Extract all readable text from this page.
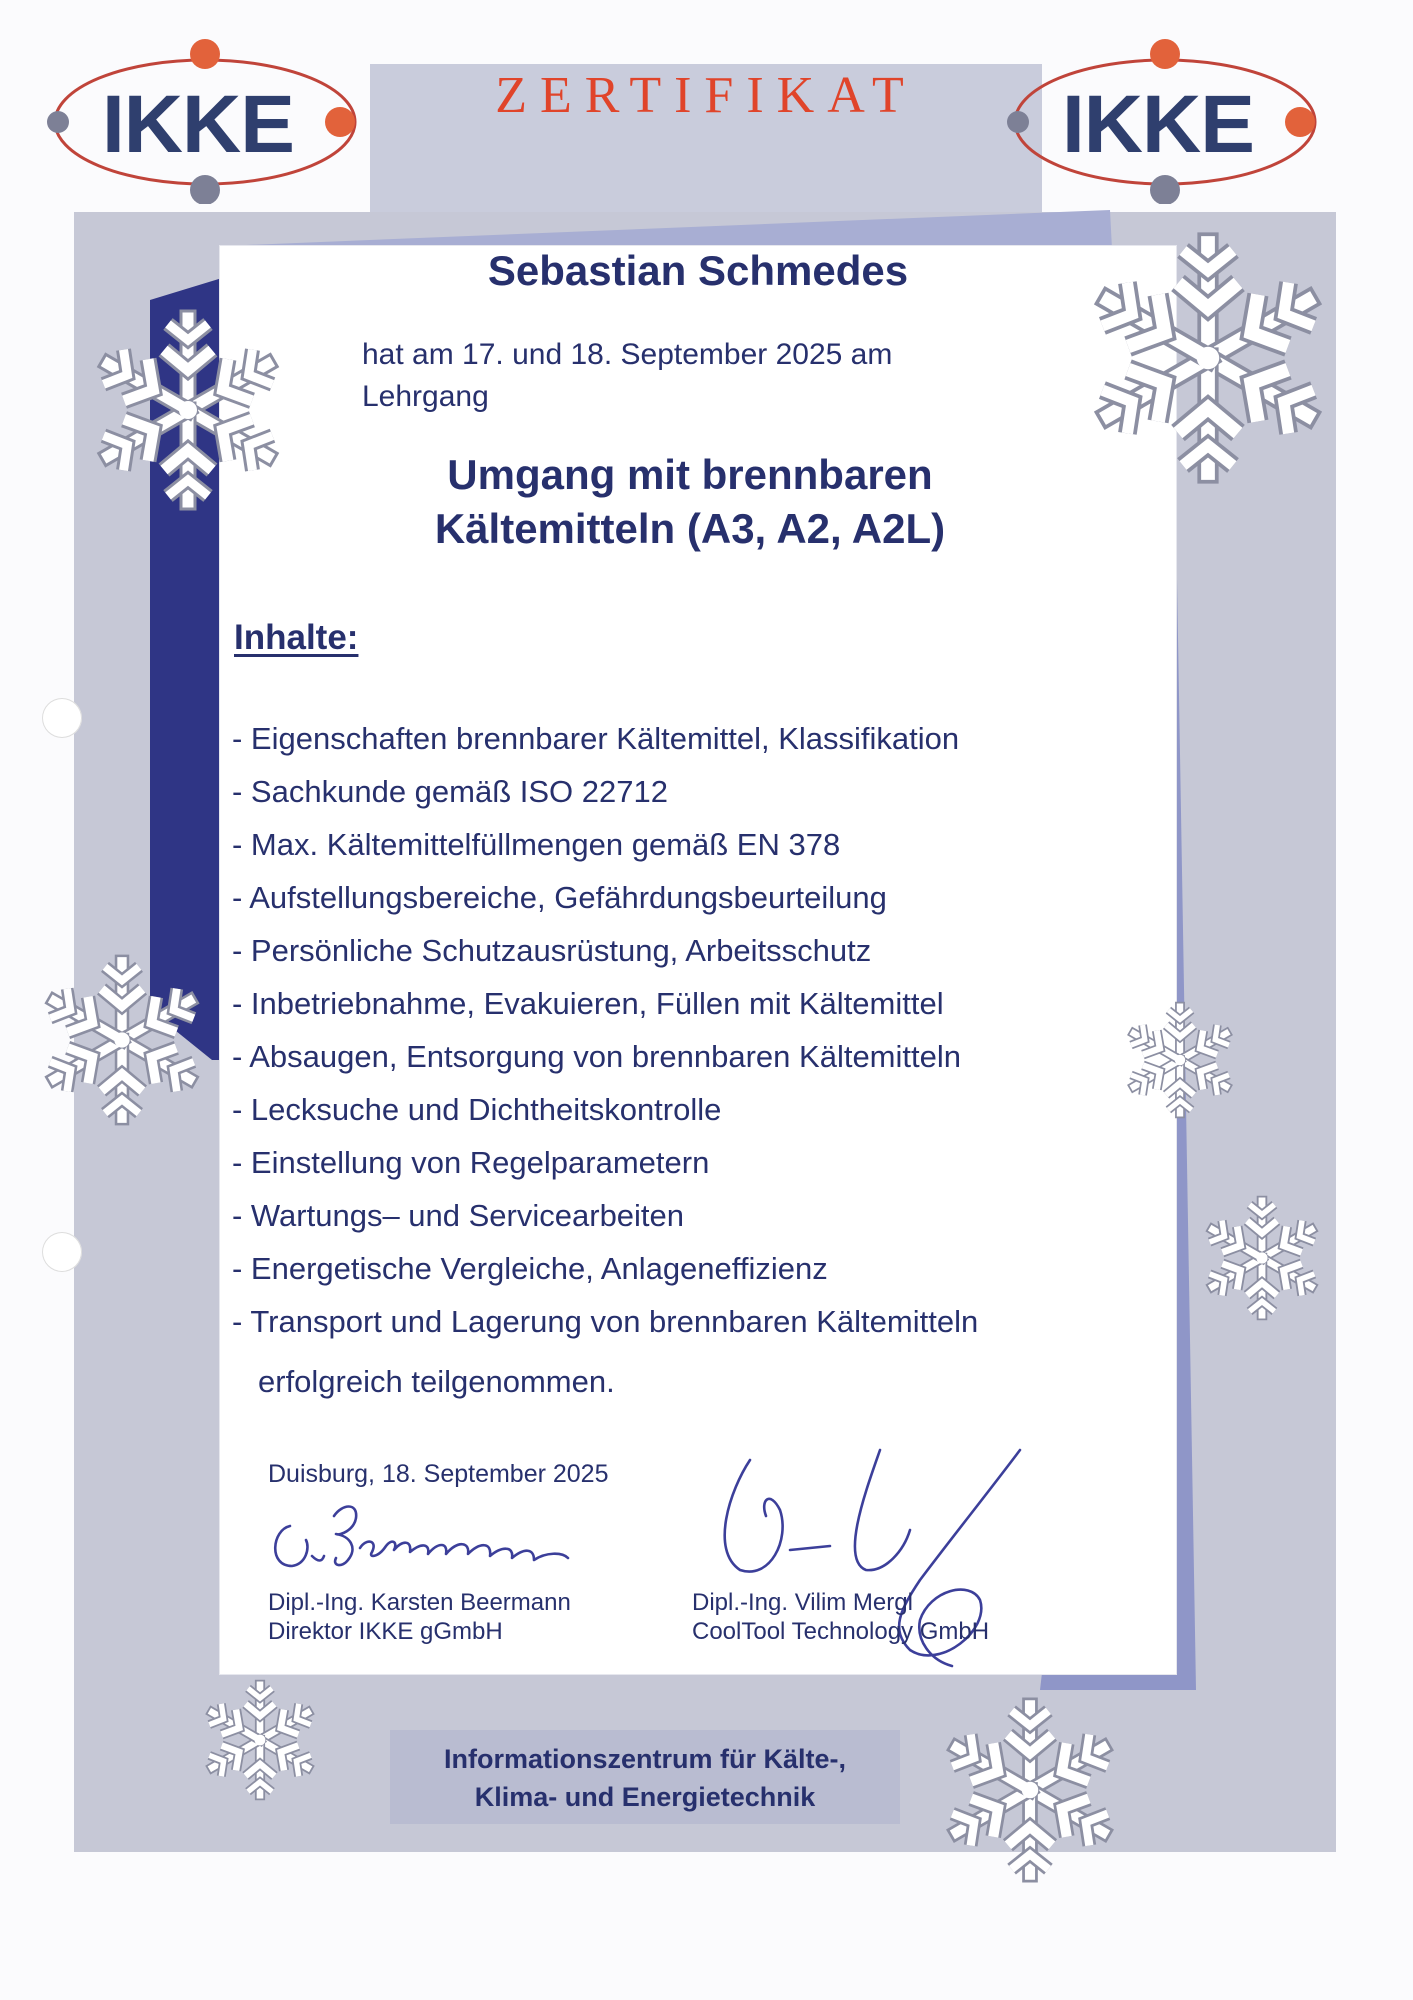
ZERTIFIKAT
IKKE	IKKE
Sebastian Schmedes
hat am 17. und 18. September 2025 am
Lehrgang
Umgang mit brennbaren
Kältemitteln (A3, A2, A2L)
Inhalte:
- Eigenschaften brennbarer Kältemittel, Klassifikation
- Sachkunde gemäß ISO 22712
- Max. Kältemittelfüllmengen gemäß EN 378
- Aufstellungsbereiche, Gefährdungsbeurteilung
- Persönliche Schutzausrüstung, Arbeitsschutz
- Inbetriebnahme, Evakuieren, Füllen mit Kältemittel
- Absaugen, Entsorgung von brennbaren Kältemitteln
- Lecksuche und Dichtheitskontrolle
- Einstellung von Regelparametern
- Wartungs– und Servicearbeiten
- Energetische Vergleiche, Anlageneffizienz
- Transport und Lagerung von brennbaren Kältemitteln
erfolgreich teilgenommen.
Duisburg, 18. September 2025
Dipl.-Ing. Karsten Beermann
Direktor IKKE gGmbH
Dipl.-Ing. Vilim Mergl
CoolTool Technology GmbH
Informationszentrum für Kälte-,
Klima- und Energietechnik
